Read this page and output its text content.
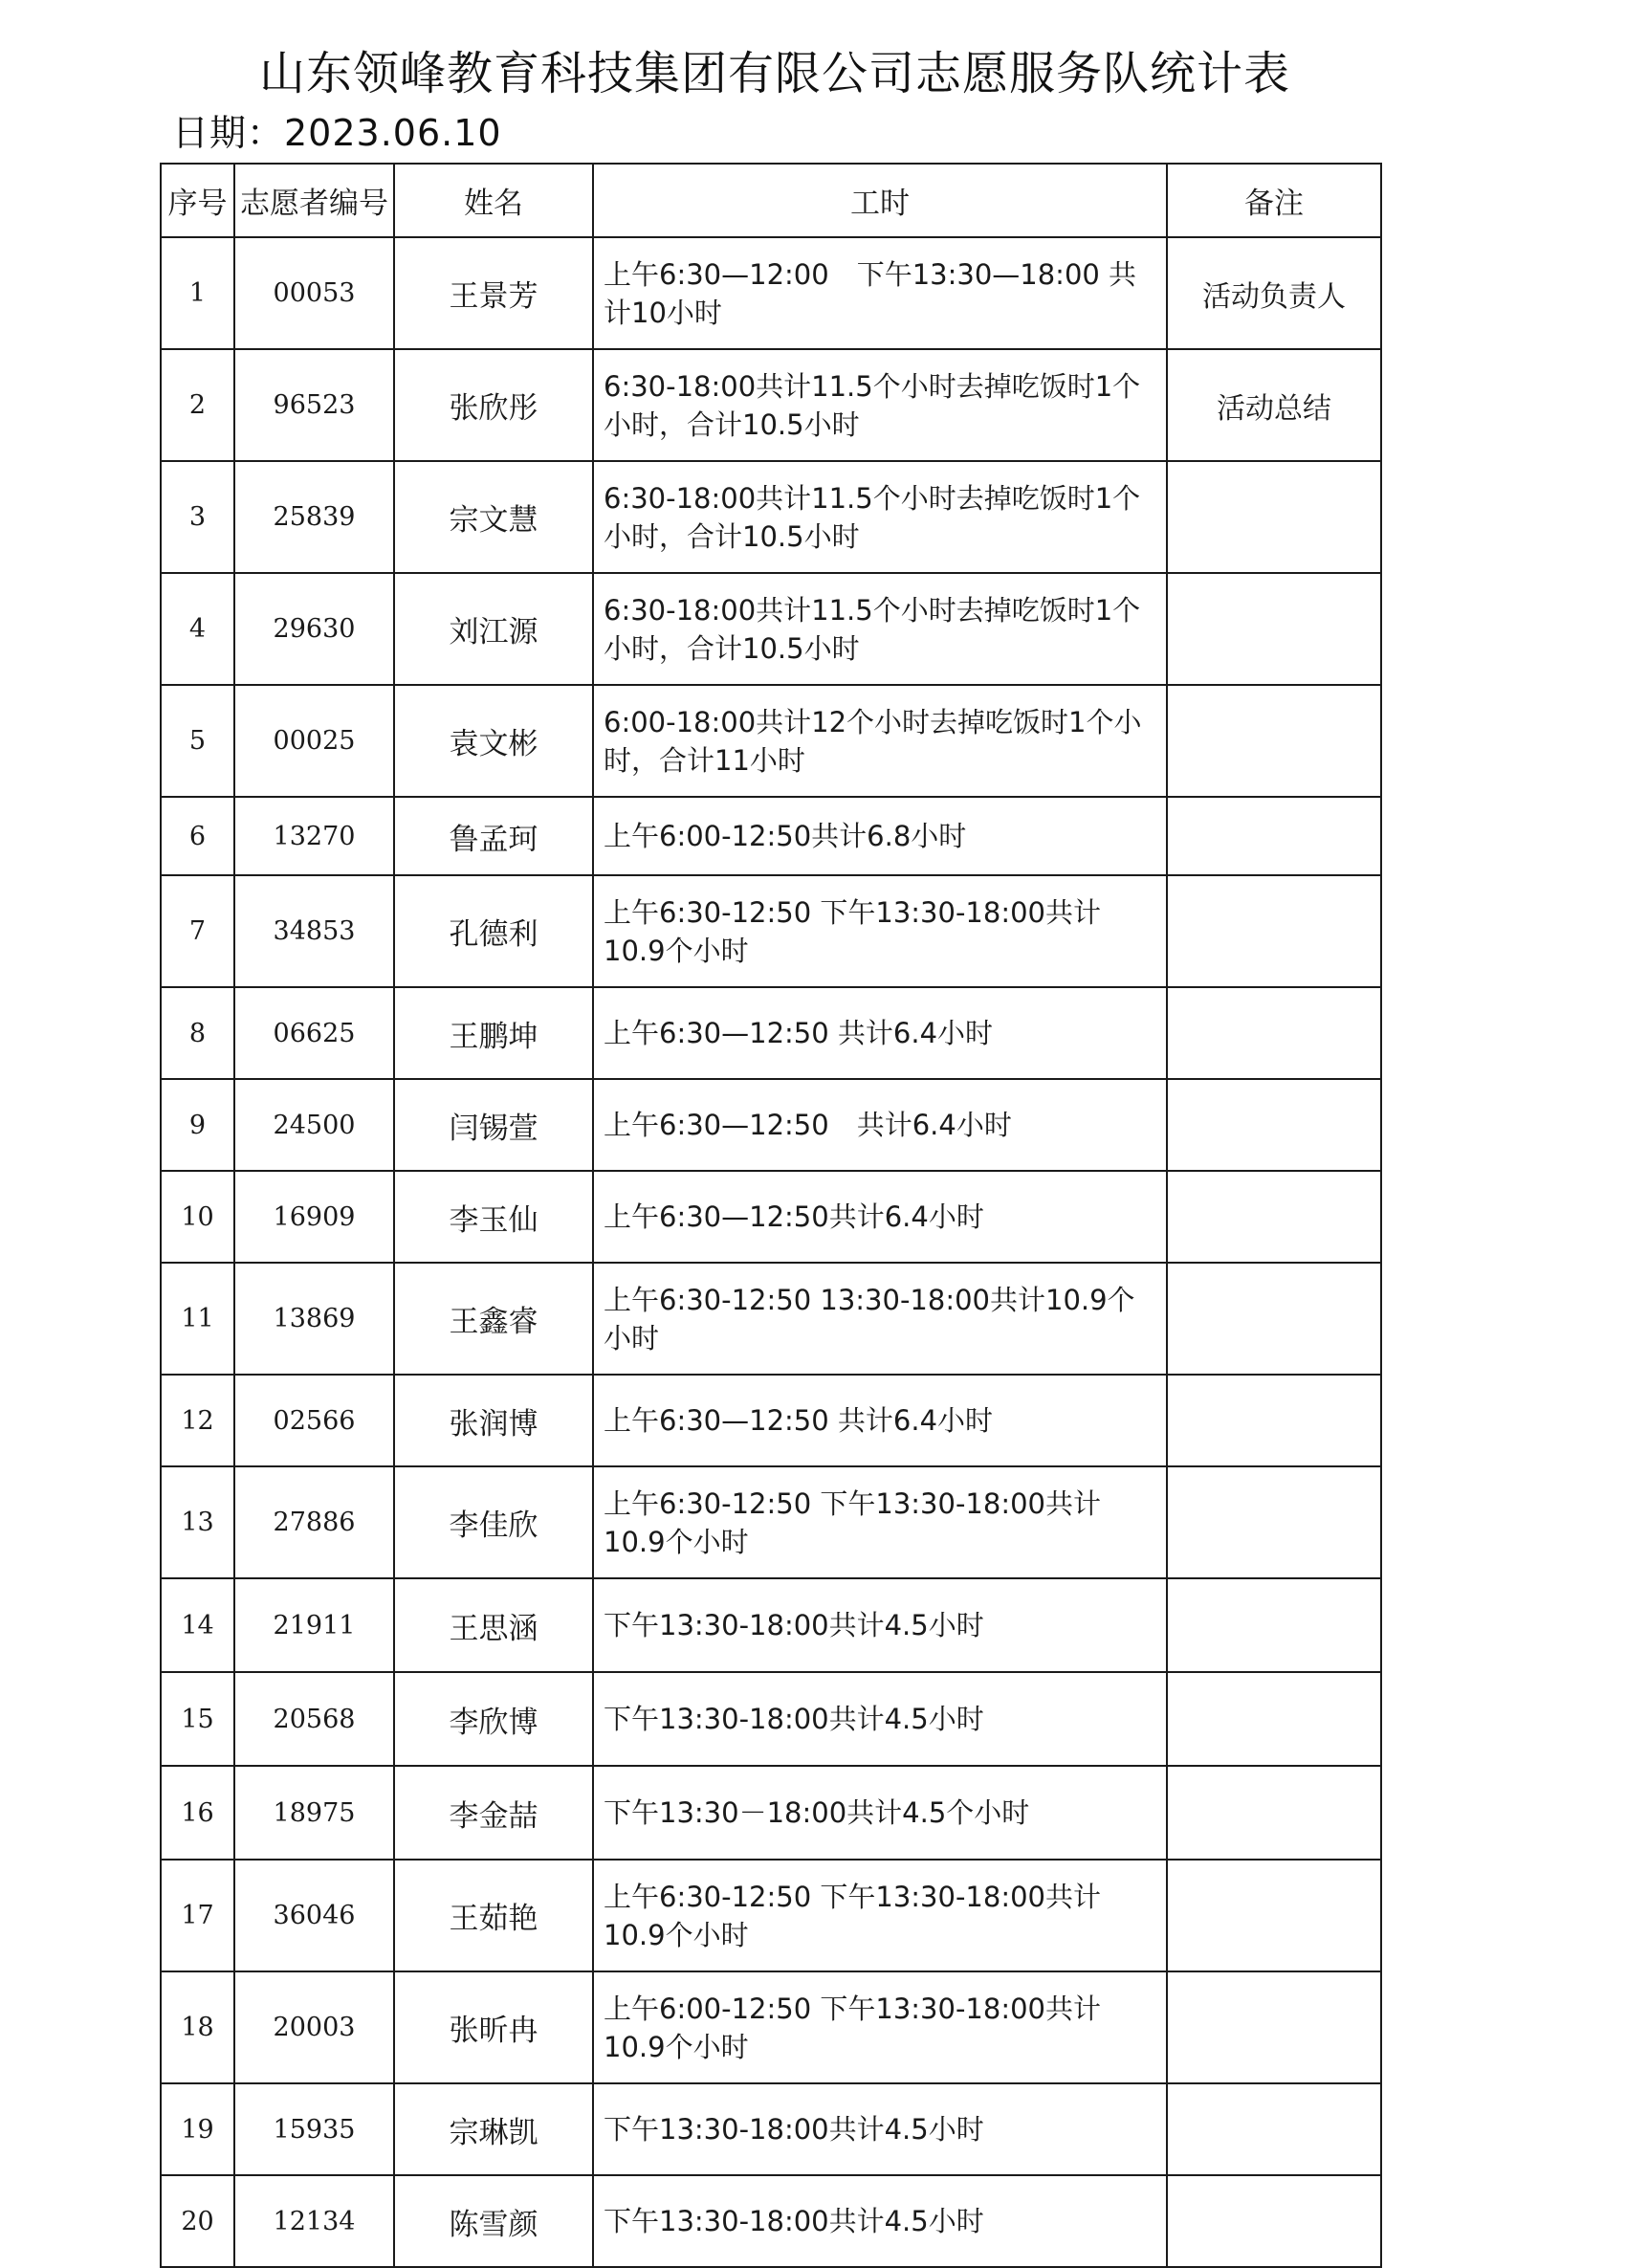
山东领峰教育科技集团有限公司志愿服务队统计表
日期：2023.06.10
序号	志愿者编号	姓名	工时	备注
1	00053	王景芳	上午6:30—12:00　下午13:30—18:00 共计10小时	活动负责人
2	96523	张欣彤	6:30-18:00共计11.5个小时去掉吃饭时1个小时，合计10.5小时	活动总结
3	25839	宗文慧	6:30-18:00共计11.5个小时去掉吃饭时1个小时，合计10.5小时	
4	29630	刘江源	6:30-18:00共计11.5个小时去掉吃饭时1个小时，合计10.5小时	
5	00025	袁文彬	6:00-18:00共计12个小时去掉吃饭时1个小时，合计11小时	
6	13270	鲁孟珂	上午6:00-12:50共计6.8小时	
7	34853	孔德利	上午6:30-12:50 下午13:30-18:00共计10.9个小时	
8	06625	王鹏坤	上午6:30—12:50 共计6.4小时	
9	24500	闫锡萱	上午6:30—12:50　共计6.4小时	
10	16909	李玉仙	上午6:30—12:50共计6.4小时	
11	13869	王鑫睿	上午6:30-12:50 13:30-18:00共计10.9个小时	
12	02566	张润博	上午6:30—12:50 共计6.4小时	
13	27886	李佳欣	上午6:30-12:50 下午13:30-18:00共计10.9个小时	
14	21911	王思涵	下午13:30-18:00共计4.5小时	
15	20568	李欣博	下午13:30-18:00共计4.5小时	
16	18975	李金喆	下午13:30－18:00共计4.5个小时	
17	36046	王茹艳	上午6:30-12:50 下午13:30-18:00共计10.9个小时	
18	20003	张昕冉	上午6:00-12:50 下午13:30-18:00共计10.9个小时	
19	15935	宗琳凯	下午13:30-18:00共计4.5小时	
20	12134	陈雪颜	下午13:30-18:00共计4.5小时	
